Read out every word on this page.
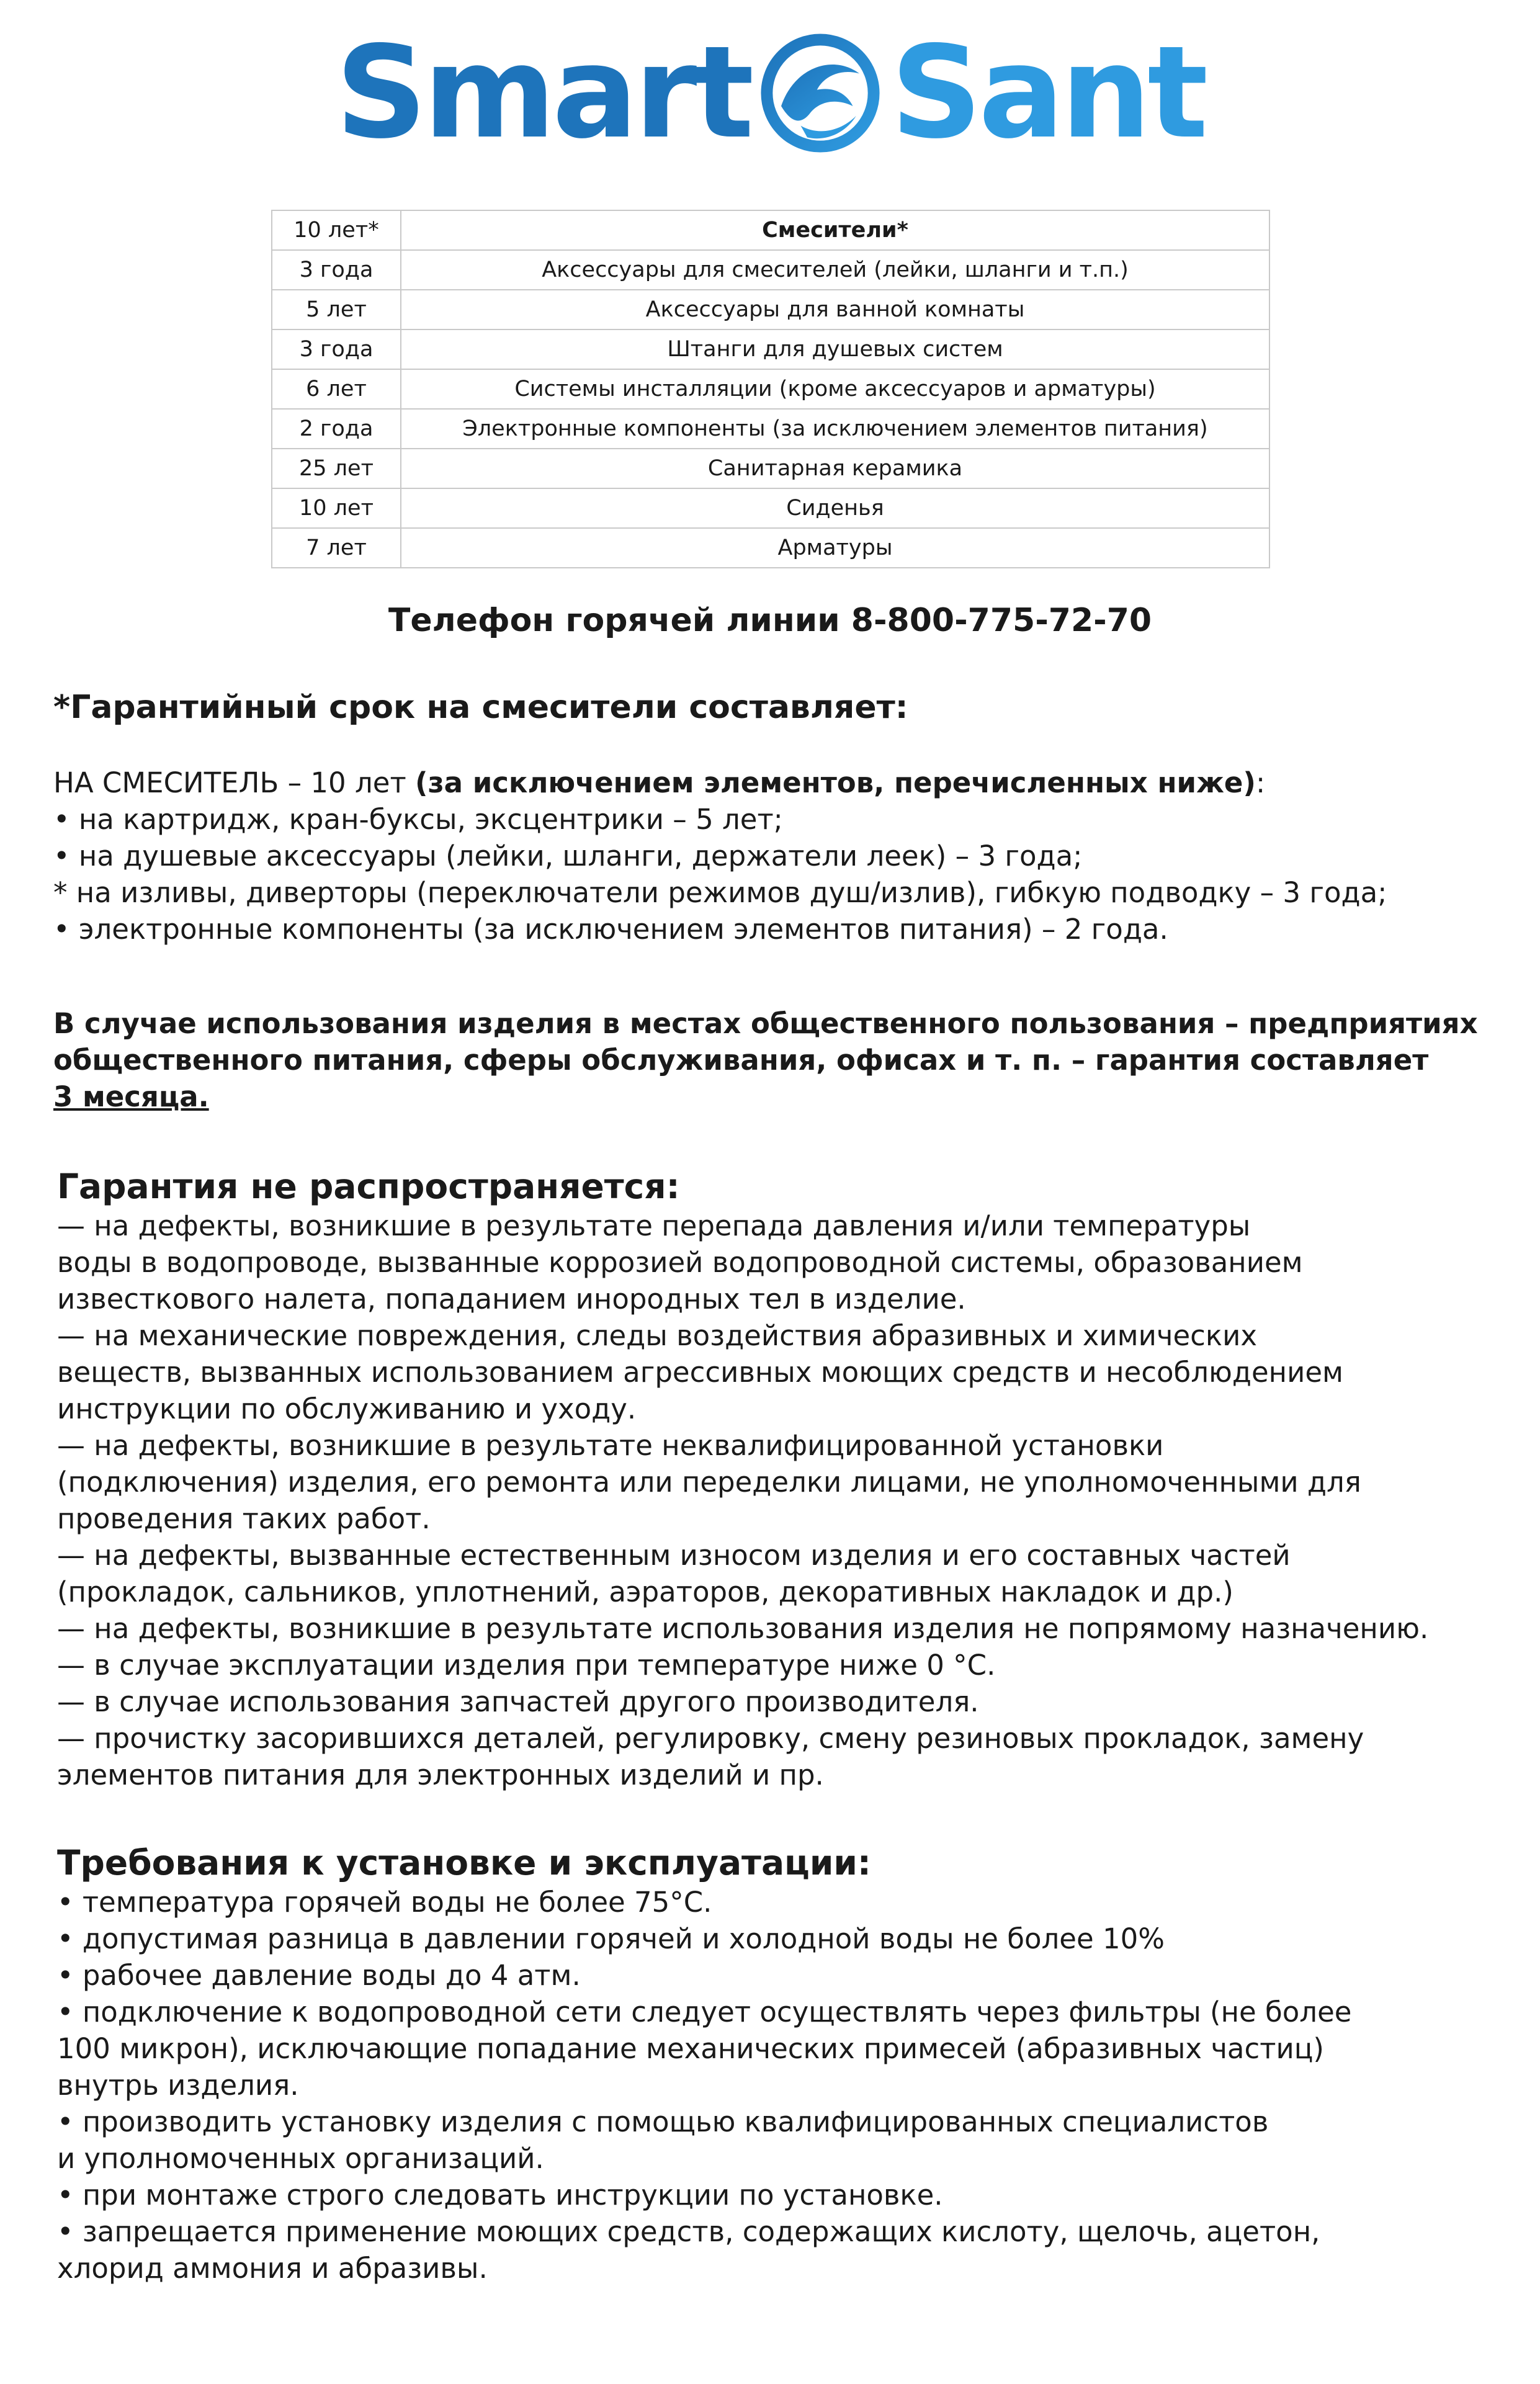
Smart Sant
10 лет*	Смесители*
3 года	Аксессуары для смесителей (лейки, шланги и т.п.)
5 лет	Аксессуары для ванной комнаты
3 года	Штанги для душевых систем
6 лет	Системы инсталляции (кроме аксессуаров и арматуры)
2 года	Электронные компоненты (за исключением элементов питания)
25 лет	Санитарная керамика
10 лет	Сиденья
7 лет	Арматуры
Телефон горячей линии 8-800-775-72-70
*Гарантийный срок на смесители составляет:
НА СМЕСИТЕЛЬ – 10 лет (за исключением элементов, перечисленных ниже):
• на картридж, кран-буксы, эксцентрики – 5 лет;
• на душевые аксессуары (лейки, шланги, держатели леек) – 3 года;
* на изливы, диверторы (переключатели режимов душ/излив), гибкую подводку – 3 года;
• электронные компоненты (за исключением элементов питания) – 2 года.
В случае использования изделия в местах общественного пользования – предприятиях
общественного питания, сферы обслуживания, офисах и т. п. – гарантия составляет
3 месяца.
Гарантия не распространяется:
— на дефекты, возникшие в результате перепада давления и/или температуры
воды в водопроводе, вызванные коррозией водопроводной системы, образованием
известкового налета, попаданием инородных тел в изделие.
— на механические повреждения, следы воздействия абразивных и химических
веществ, вызванных использованием агрессивных моющих средств и несоблюдением
инструкции по обслуживанию и уходу.
— на дефекты, возникшие в результате неквалифицированной установки
(подключения) изделия, его ремонта или переделки лицами, не уполномоченными для
проведения таких работ.
— на дефекты, вызванные естественным износом изделия и его составных частей
(прокладок, сальников, уплотнений, аэраторов, декоративных накладок и др.)
— на дефекты, возникшие в результате использования изделия не попрямому назначению.
— в случае эксплуатации изделия при температуре ниже 0 °С.
— в случае использования запчастей другого производителя.
— прочистку засорившихся деталей, регулировку, смену резиновых прокладок, замену
элементов питания для электронных изделий и пр.
Требования к установке и эксплуатации:
• температура горячей воды не более 75°С.
• допустимая разница в давлении горячей и холодной воды не более 10%
• рабочее давление воды до 4 атм.
• подключение к водопроводной сети следует осуществлять через фильтры (не более
100 микрон), исключающие попадание механических примесей (абразивных частиц)
внутрь изделия.
• производить установку изделия с помощью квалифицированных специалистов
и уполномоченных организаций.
• при монтаже строго следовать инструкции по установке.
• запрещается применение моющих средств, содержащих кислоту, щелочь, ацетон,
хлорид аммония и абразивы.
